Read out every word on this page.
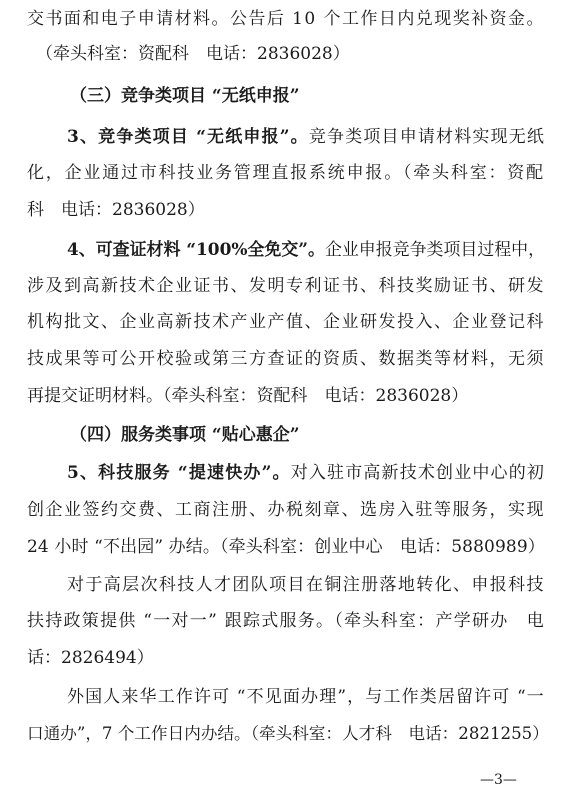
交书面和电子申请材料。公告后 10 个工作日内兑现奖补资金。
（牵头科室：资配科　电话：2836028）
（三）竞争类项目 “无纸申报”
3、竞争类项目 “无纸申报”。竞争类项目申请材料实现无纸
化，企业通过市科技业务管理直报系统申报。（牵头科室：资配
科　电话：2836028）
4、可查证材料 “100%全免交”。企业申报竞争类项目过程中，
涉及到高新技术企业证书、发明专利证书、科技奖励证书、研发
机构批文、企业高新技术产业产值、企业研发投入、企业登记科
技成果等可公开校验或第三方查证的资质、数据类等材料，无须
再提交证明材料。（牵头科室：资配科　电话：2836028）
（四）服务类事项 “贴心惠企”
5、科技服务 “提速快办”。对入驻市高新技术创业中心的初
创企业签约交费、工商注册、办税刻章、选房入驻等服务，实现
24 小时 “不出园” 办结。（牵头科室：创业中心　电话：5880989）
对于高层次科技人才团队项目在铜注册落地转化、申报科技
扶持政策提供 “一对一” 跟踪式服务。（牵头科室：产学研办　电
话：2826494）
外国人来华工作许可 “不见面办理”，与工作类居留许可 “一
口通办”，7 个工作日内办结。（牵头科室：人才科　电话：2821255）
—3—
